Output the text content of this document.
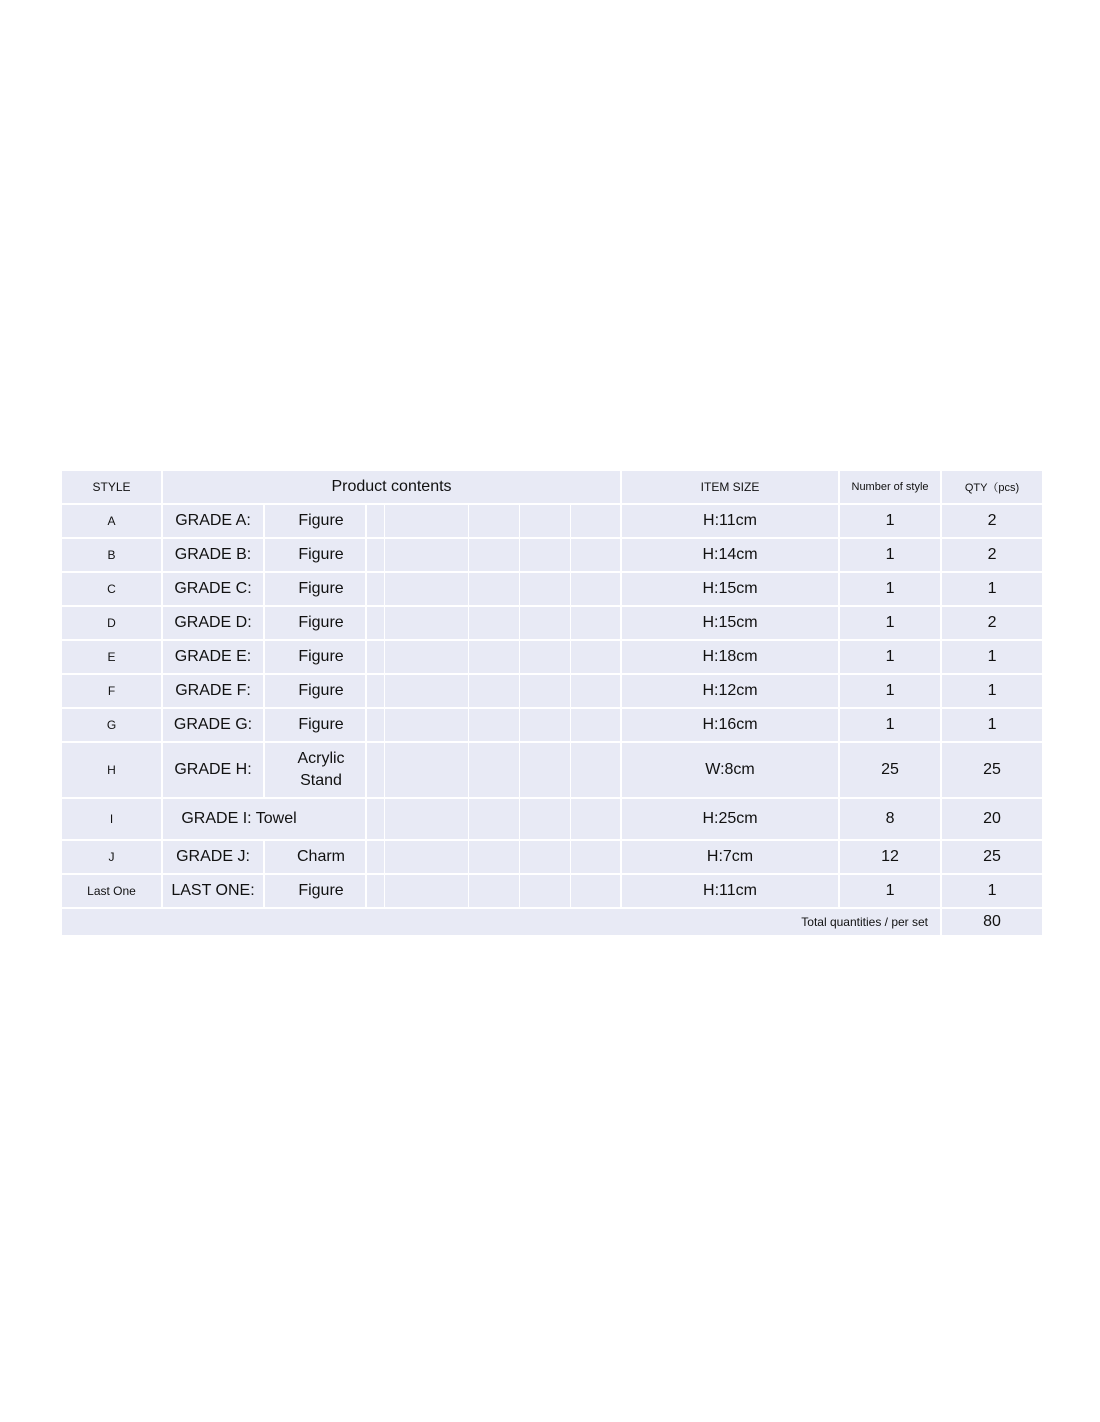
STYLE	Product contents							ITEM SIZE	Number of style	QTY（pcs)
A	GRADE A:	Figure						H:11cm	1	2
B	GRADE B:	Figure						H:14cm	1	2
C	GRADE C:	Figure						H:15cm	1	1
D	GRADE D:	Figure						H:15cm	1	2
E	GRADE E:	Figure						H:18cm	1	1
F	GRADE F:	Figure						H:12cm	1	1
G	GRADE G:	Figure						H:16cm	1	1
H	GRADE H:	Acrylic Stand						W:8cm	25	25
I	GRADE I: Towel							H:25cm	8	20
J	GRADE J:	Charm						H:7cm	12	25
Last One	LAST ONE:	Figure						H:11cm	1	1
Total quantities / per set										80
